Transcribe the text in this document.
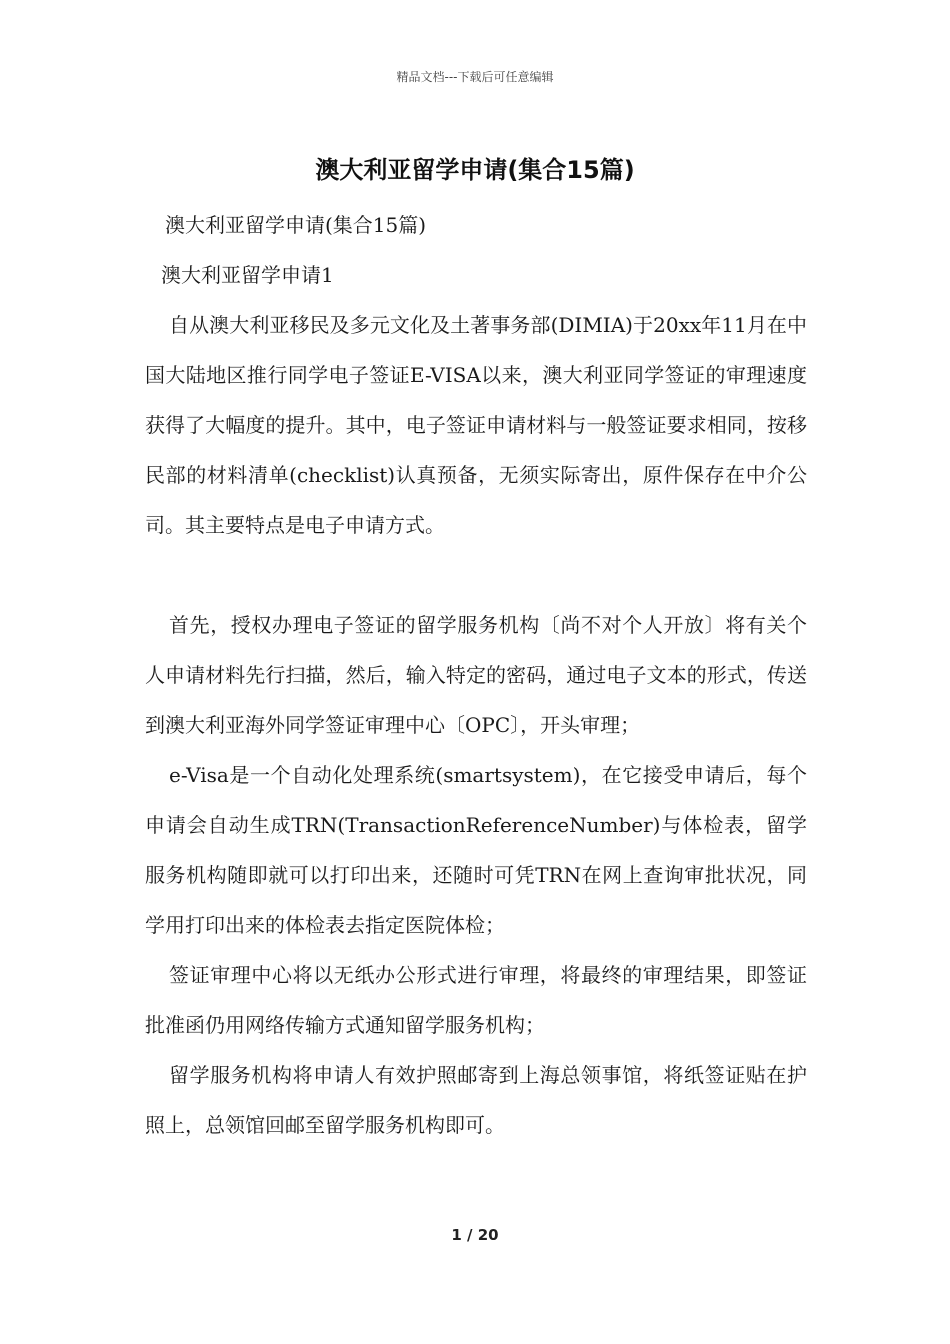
精品文档---下载后可任意编辑
澳大利亚留学申请(集合15篇)
澳大利亚留学申请(集合15篇)
澳大利亚留学申请1

自从澳大利亚移民及多元文化及土著事务部(DIMIA)于20xx年11月在中国大陆地区推行同学电子签证E-VISA以来，澳大利亚同学签证的审理速度获得了大幅度的提升。其中，电子签证申请材料与一般签证要求相同，按移民部的材料清单(checklist)认真预备，无须实际寄出，原件保存在中介公司。其主要特点是电子申请方式。

首先，授权办理电子签证的留学服务机构〔尚不对个人开放〕将有关个人申请材料先行扫描，然后，输入特定的密码，通过电子文本的形式，传送到澳大利亚海外同学签证审理中心〔OPC〕，开头审理；

e-Visa是一个自动化处理系统(smartsystem)，在它接受申请后，每个申请会自动生成TRN(TransactionReferenceNumber)与体检表，留学服务机构随即就可以打印出来，还随时可凭TRN在网上查询审批状况，同学用打印出来的体检表去指定医院体检；

签证审理中心将以无纸办公形式进行审理，将最终的审理结果，即签证批准函仍用网络传输方式通知留学服务机构；

留学服务机构将申请人有效护照邮寄到上海总领事馆，将纸签证贴在护照上，总领馆回邮至留学服务机构即可。

1 / 20
